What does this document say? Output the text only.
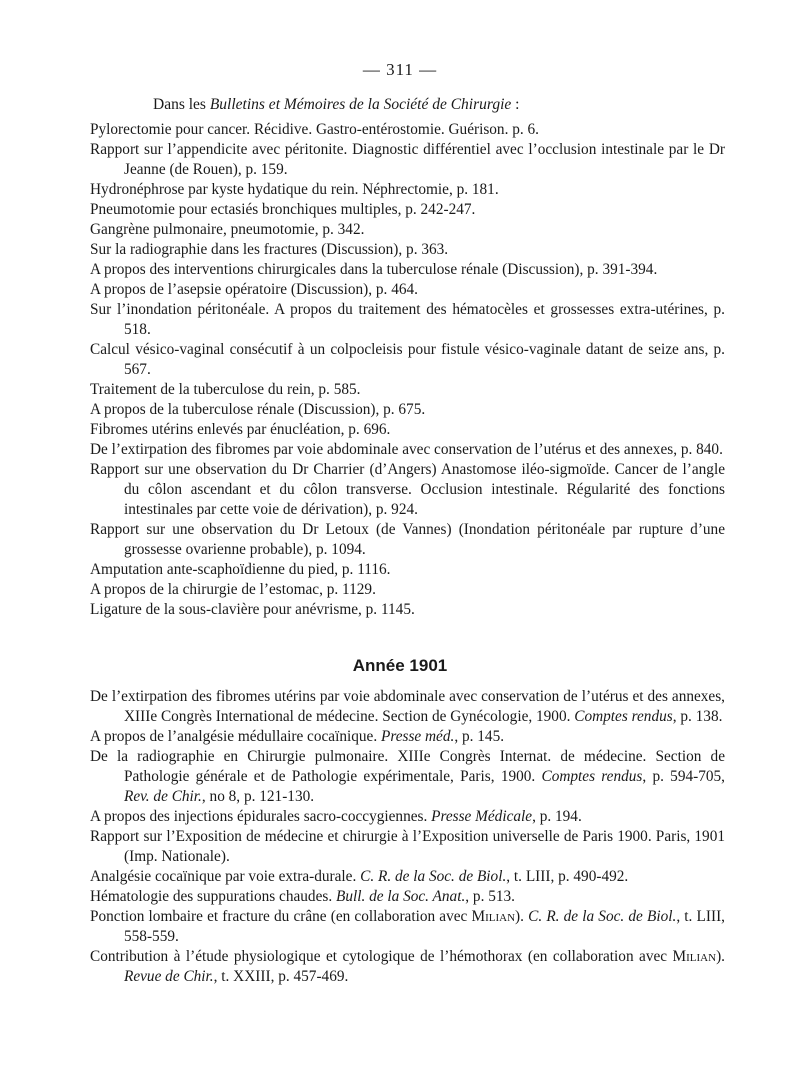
— 311 —
Dans les Bulletins et Mémoires de la Société de Chirurgie :
Pylorectomie pour cancer. Récidive. Gastro-entérostomie. Guérison. p. 6.
Rapport sur l’appendicite avec péritonite. Diagnostic différentiel avec l’occlusion intestinale par le Dr Jeanne (de Rouen), p. 159.
Hydronéphrose par kyste hydatique du rein. Néphrectomie, p. 181.
Pneumotomie pour ectasiés bronchiques multiples, p. 242-247.
Gangrène pulmonaire, pneumotomie, p. 342.
Sur la radiographie dans les fractures (Discussion), p. 363.
A propos des interventions chirurgicales dans la tuberculose rénale (Discussion), p. 391-394.
A propos de l’asepsie opératoire (Discussion), p. 464.
Sur l’inondation péritonéale. A propos du traitement des hématocèles et grossesses extra-utérines, p. 518.
Calcul vésico-vaginal consécutif à un colpocleisis pour fistule vésico-vaginale datant de seize ans, p. 567.
Traitement de la tuberculose du rein, p. 585.
A propos de la tuberculose rénale (Discussion), p. 675.
Fibromes utérins enlevés par énucléation, p. 696.
De l’extirpation des fibromes par voie abdominale avec conservation de l’utérus et des annexes, p. 840.
Rapport sur une observation du Dr Charrier (d’Angers) Anastomose iléo-sigmoïde. Cancer de l’angle du côlon ascendant et du côlon transverse. Occlusion intestinale. Régularité des fonctions intestinales par cette voie de dérivation), p. 924.
Rapport sur une observation du Dr Letoux (de Vannes) (Inondation péritonéale par rupture d’une grossesse ovarienne probable), p. 1094.
Amputation ante-scaphoïdienne du pied, p. 1116.
A propos de la chirurgie de l’estomac, p. 1129.
Ligature de la sous-clavière pour anévrisme, p. 1145.
Année 1901
De l’extirpation des fibromes utérins par voie abdominale avec conservation de l’utérus et des annexes, XIIIe Congrès International de médecine. Section de Gynécologie, 1900. Comptes rendus, p. 138.
A propos de l’analgésie médullaire cocaïnique. Presse méd., p. 145.
De la radiographie en Chirurgie pulmonaire. XIIIe Congrès Internat. de médecine. Section de Pathologie générale et de Pathologie expérimentale, Paris, 1900. Comptes rendus, p. 594-705, Rev. de Chir., no 8, p. 121-130.
A propos des injections épidurales sacro-coccygiennes. Presse Médicale, p. 194.
Rapport sur l’Exposition de médecine et chirurgie à l’Exposition universelle de Paris 1900. Paris, 1901 (Imp. Nationale).
Analgésie cocaïnique par voie extra-durale. C. R. de la Soc. de Biol., t. LIII, p. 490-492.
Hématologie des suppurations chaudes. Bull. de la Soc. Anat., p. 513.
Ponction lombaire et fracture du crâne (en collaboration avec Milian). C. R. de la Soc. de Biol., t. LIII, 558-559.
Contribution à l’étude physiologique et cytologique de l’hémothorax (en collaboration avec Milian). Revue de Chir., t. XXIII, p. 457-469.
